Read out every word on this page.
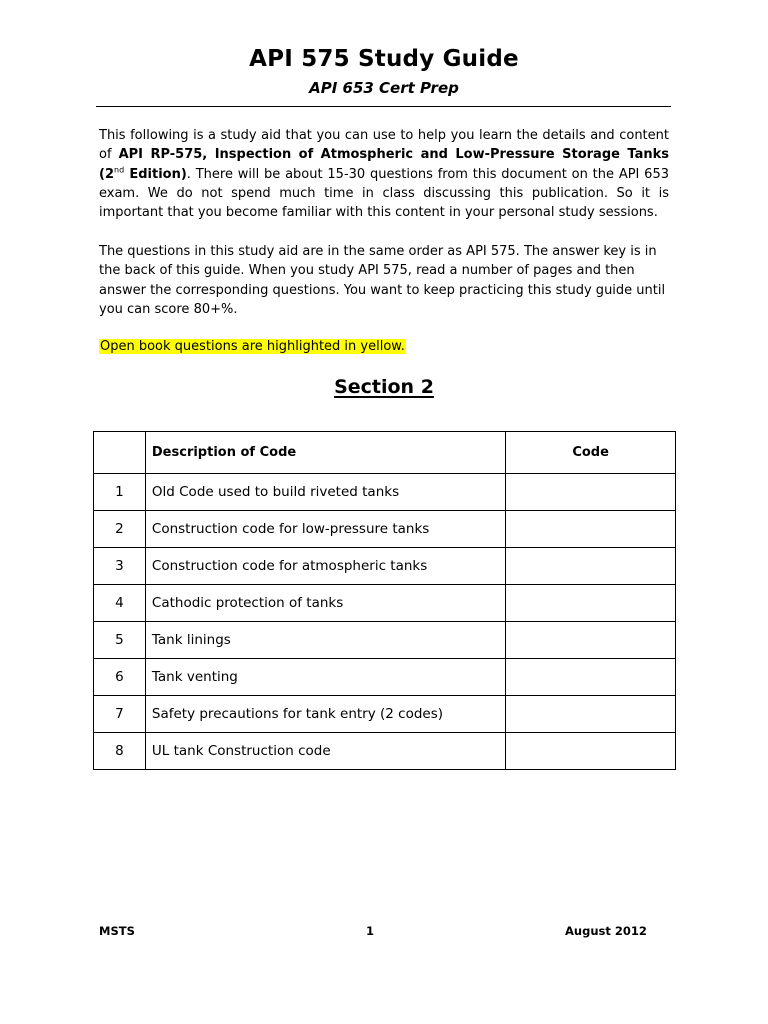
API 575 Study Guide
API 653 Cert Prep
This following is a study aid that you can use to help you learn the details and content of API RP-575, Inspection of Atmospheric and Low-Pressure Storage Tanks (2nd Edition). There will be about 15-30 questions from this document on the API 653 exam. We do not spend much time in class discussing this publication. So it is important that you become familiar with this content in your personal study sessions.
The questions in this study aid are in the same order as API 575. The answer key is in the back of this guide. When you study API 575, read a number of pages and then answer the corresponding questions. You want to keep practicing this study guide until you can score 80+%.
Open book questions are highlighted in yellow.
Section 2
	Description of Code	Code
1	Old Code used to build riveted tanks	
2	Construction code for low-pressure tanks	
3	Construction code for atmospheric tanks	
4	Cathodic protection of tanks	
5	Tank linings	
6	Tank venting	
7	Safety precautions for tank entry (2 codes)	
8	UL tank Construction code	
MSTS	1	August 2012
